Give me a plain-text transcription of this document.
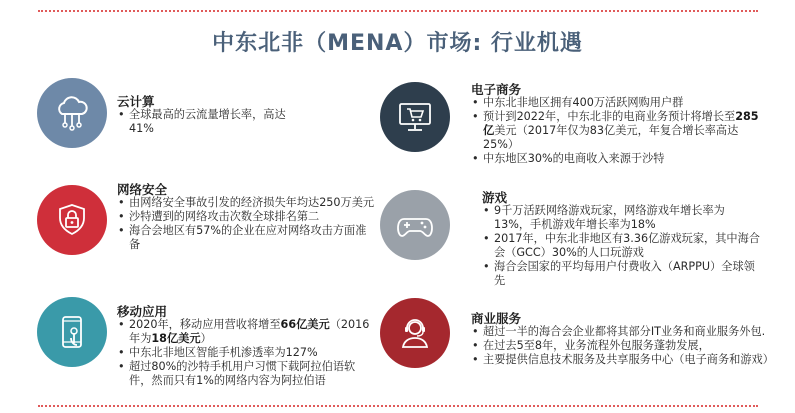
中东北非（MENA）市场: 行业机遇
云计算
• 全球最高的云流量增长率，高达41%
网络安全
• 由网络安全事故引发的经济损失年均达250万美元
• 沙特遭到的网络攻击次数全球排名第二
• 海合会地区有57%的企业在应对网络攻击方面准备
移动应用
• 2020年，移动应用营收将增至66亿美元（2016年为18亿美元）
• 中东北非地区智能手机渗透率为127%
• 超过80%的沙特手机用户习惯下载阿拉伯语软件，然而只有1%的网络内容为阿拉伯语
电子商务
• 中东北非地区拥有400万活跃网购用户群
• 预计到2022年，中东北非的电商业务预计将增长至285亿美元（2017年仅为83亿美元，年复合增长率高达25%）
• 中东地区30%的电商收入来源于沙特
游戏
• 9千万活跃网络游戏玩家，网络游戏年增长率为13%，手机游戏年增长率为18%
• 2017年，中东北非地区有3.36亿游戏玩家，其中海合会（GCC）30%的人口玩游戏
• 海合会国家的平均每用户付费收入（ARPPU）全球领先
商业服务
• 超过一半的海合会企业都将其部分IT业务和商业服务外包.
• 在过去5至8年，业务流程外包服务蓬勃发展，
• 主要提供信息技术服务及共享服务中心（电子商务和游戏）
